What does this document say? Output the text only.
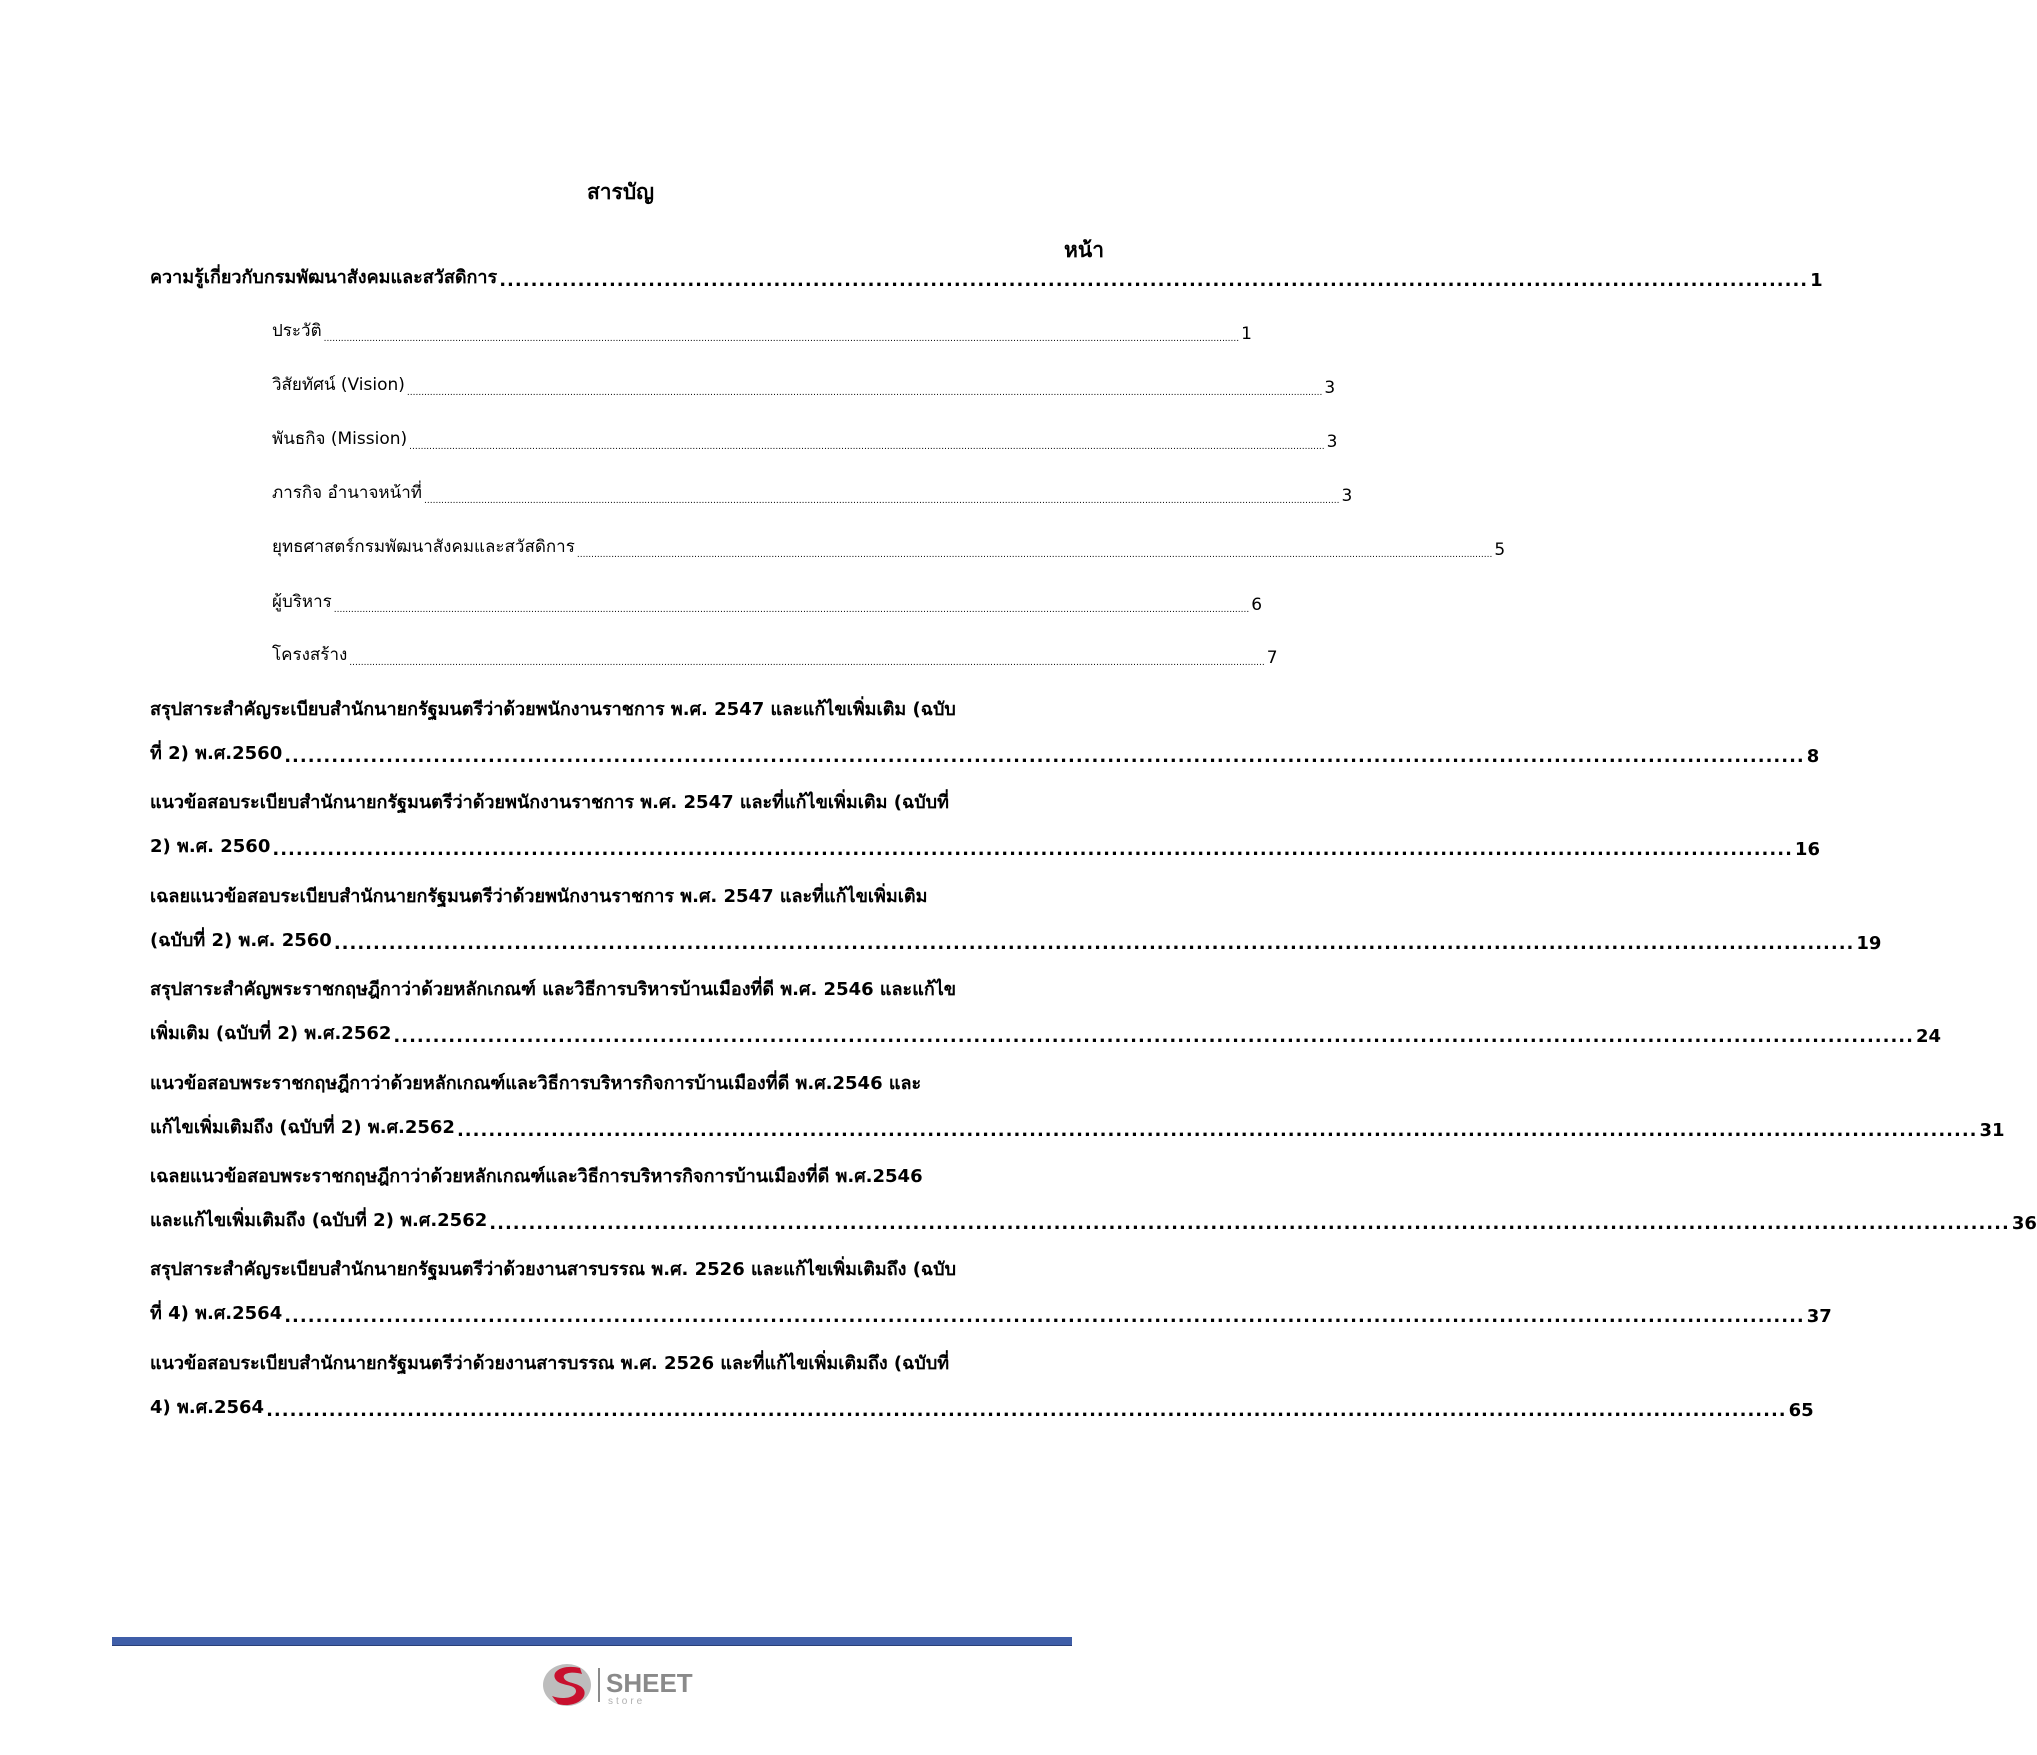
สารบัญ
หน้า
ความรู้เกี่ยวกับกรมพัฒนาสังคมและสวัสดิการ ....................................................................................................................................................................... 1
ประวัติ ................................................................................................................................................................................................................................................................................................................................ 1
วิสัยทัศน์ (Vision) ................................................................................................................................................................................................................................................................................................................................ 3
พันธกิจ (Mission) ................................................................................................................................................................................................................................................................................................................................ 3
ภารกิจ อำนาจหน้าที่ ................................................................................................................................................................................................................................................................................................................................ 3
ยุทธศาสตร์กรมพัฒนาสังคมและสวัสดิการ ................................................................................................................................................................................................................................................................................................................................ 5
ผู้บริหาร ................................................................................................................................................................................................................................................................................................................................ 6
โครงสร้าง ................................................................................................................................................................................................................................................................................................................................ 7
สรุปสาระสำคัญระเบียบสำนักนายกรัฐมนตรีว่าด้วยพนักงานราชการ พ.ศ. 2547 และแก้ไขเพิ่มเติม (ฉบับ
ที่ 2) พ.ศ.2560 .................................................................................................................................................................................................. 8
แนวข้อสอบระเบียบสำนักนายกรัฐมนตรีว่าด้วยพนักงานราชการ พ.ศ. 2547 และที่แก้ไขเพิ่มเติม (ฉบับที่
2) พ.ศ. 2560 .................................................................................................................................................................................................. 16
เฉลยแนวข้อสอบระเบียบสำนักนายกรัฐมนตรีว่าด้วยพนักงานราชการ พ.ศ. 2547 และที่แก้ไขเพิ่มเติม
(ฉบับที่ 2) พ.ศ. 2560 .................................................................................................................................................................................................. 19
สรุปสาระสำคัญพระราชกฤษฎีกาว่าด้วยหลักเกณฑ์ และวิธีการบริหารบ้านเมืองที่ดี พ.ศ. 2546 และแก้ไข
เพิ่มเติม (ฉบับที่ 2) พ.ศ.2562 .................................................................................................................................................................................................. 24
แนวข้อสอบพระราชกฤษฎีกาว่าด้วยหลักเกณฑ์และวิธีการบริหารกิจการบ้านเมืองที่ดี พ.ศ.2546 และ
แก้ไขเพิ่มเติมถึง (ฉบับที่ 2) พ.ศ.2562 .................................................................................................................................................................................................. 31
เฉลยแนวข้อสอบพระราชกฤษฎีกาว่าด้วยหลักเกณฑ์และวิธีการบริหารกิจการบ้านเมืองที่ดี พ.ศ.2546
และแก้ไขเพิ่มเติมถึง (ฉบับที่ 2) พ.ศ.2562 .................................................................................................................................................................................................. 36
สรุปสาระสำคัญระเบียบสำนักนายกรัฐมนตรีว่าด้วยงานสารบรรณ พ.ศ. 2526 และแก้ไขเพิ่มเติมถึง (ฉบับ
ที่ 4) พ.ศ.2564 .................................................................................................................................................................................................. 37
แนวข้อสอบระเบียบสำนักนายกรัฐมนตรีว่าด้วยงานสารบรรณ พ.ศ. 2526 และที่แก้ไขเพิ่มเติมถึง (ฉบับที่
4) พ.ศ.2564 .................................................................................................................................................................................................. 65
SHEET
store
